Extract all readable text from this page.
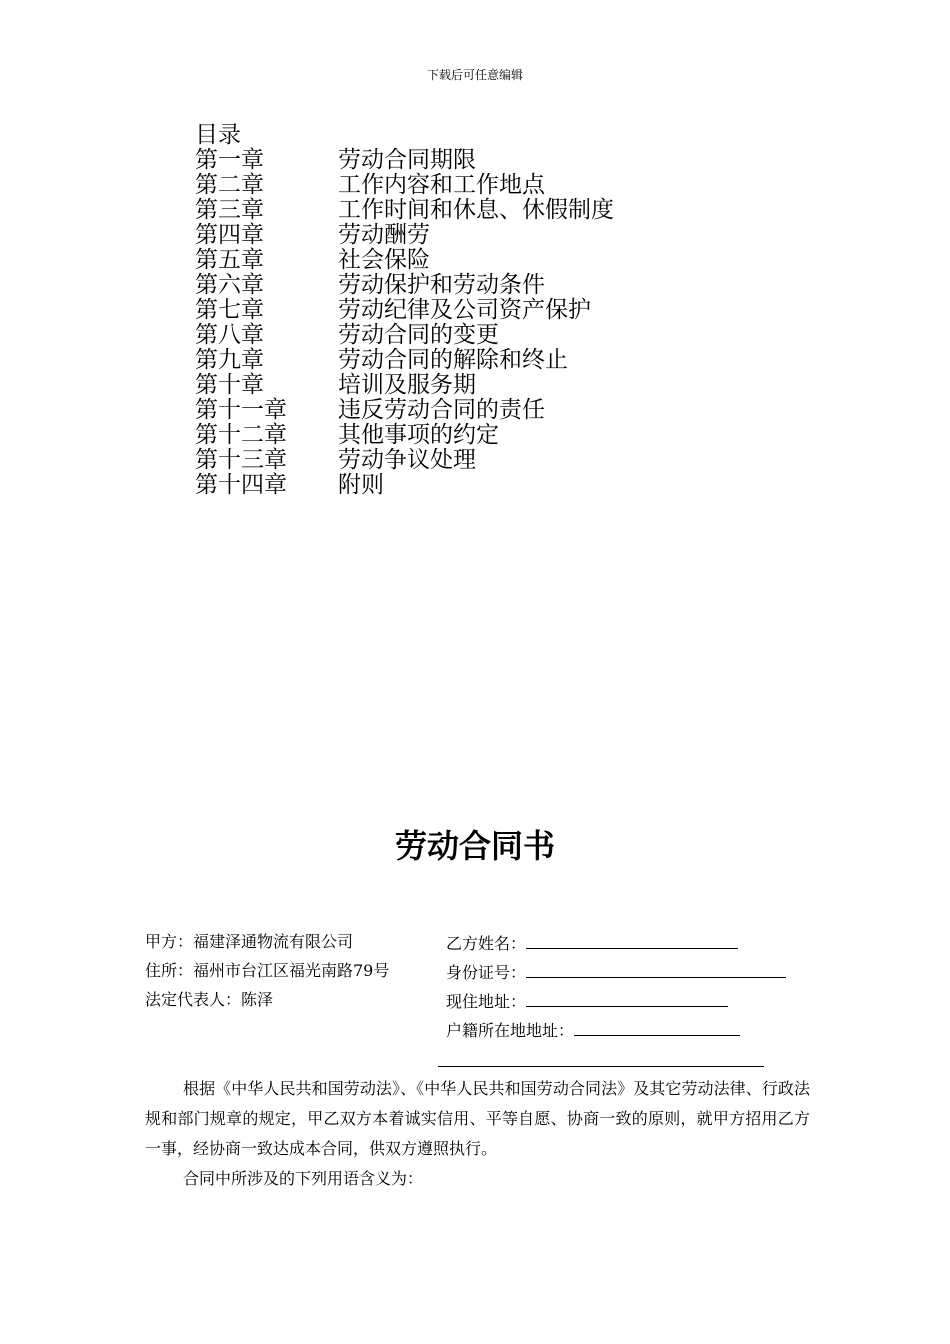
下载后可任意编辑
目录
第一章	劳动合同期限
第二章	工作内容和工作地点
第三章	工作时间和休息、休假制度
第四章	劳动酬劳
第五章	社会保险
第六章	劳动保护和劳动条件
第七章	劳动纪律及公司资产保护
第八章	劳动合同的变更
第九章	劳动合同的解除和终止
第十章	培训及服务期
第十一章	违反劳动合同的责任
第十二章	其他事项的约定
第十三章	劳动争议处理
第十四章	附则
劳动合同书
甲方：福建泽通物流有限公司
住所：福州市台江区福光南路79号
法定代表人：陈泽
乙方姓名：
身份证号：
现住地址：
户籍所在地地址：
根据《中华人民共和国劳动法》、《中华人民共和国劳动合同法》及其它劳动法律、行政法规和部门规章的规定，甲乙双方本着诚实信用、平等自愿、协商一致的原则，就甲方招用乙方一事，经协商一致达成本合同，供双方遵照执行。
合同中所涉及的下列用语含义为：
